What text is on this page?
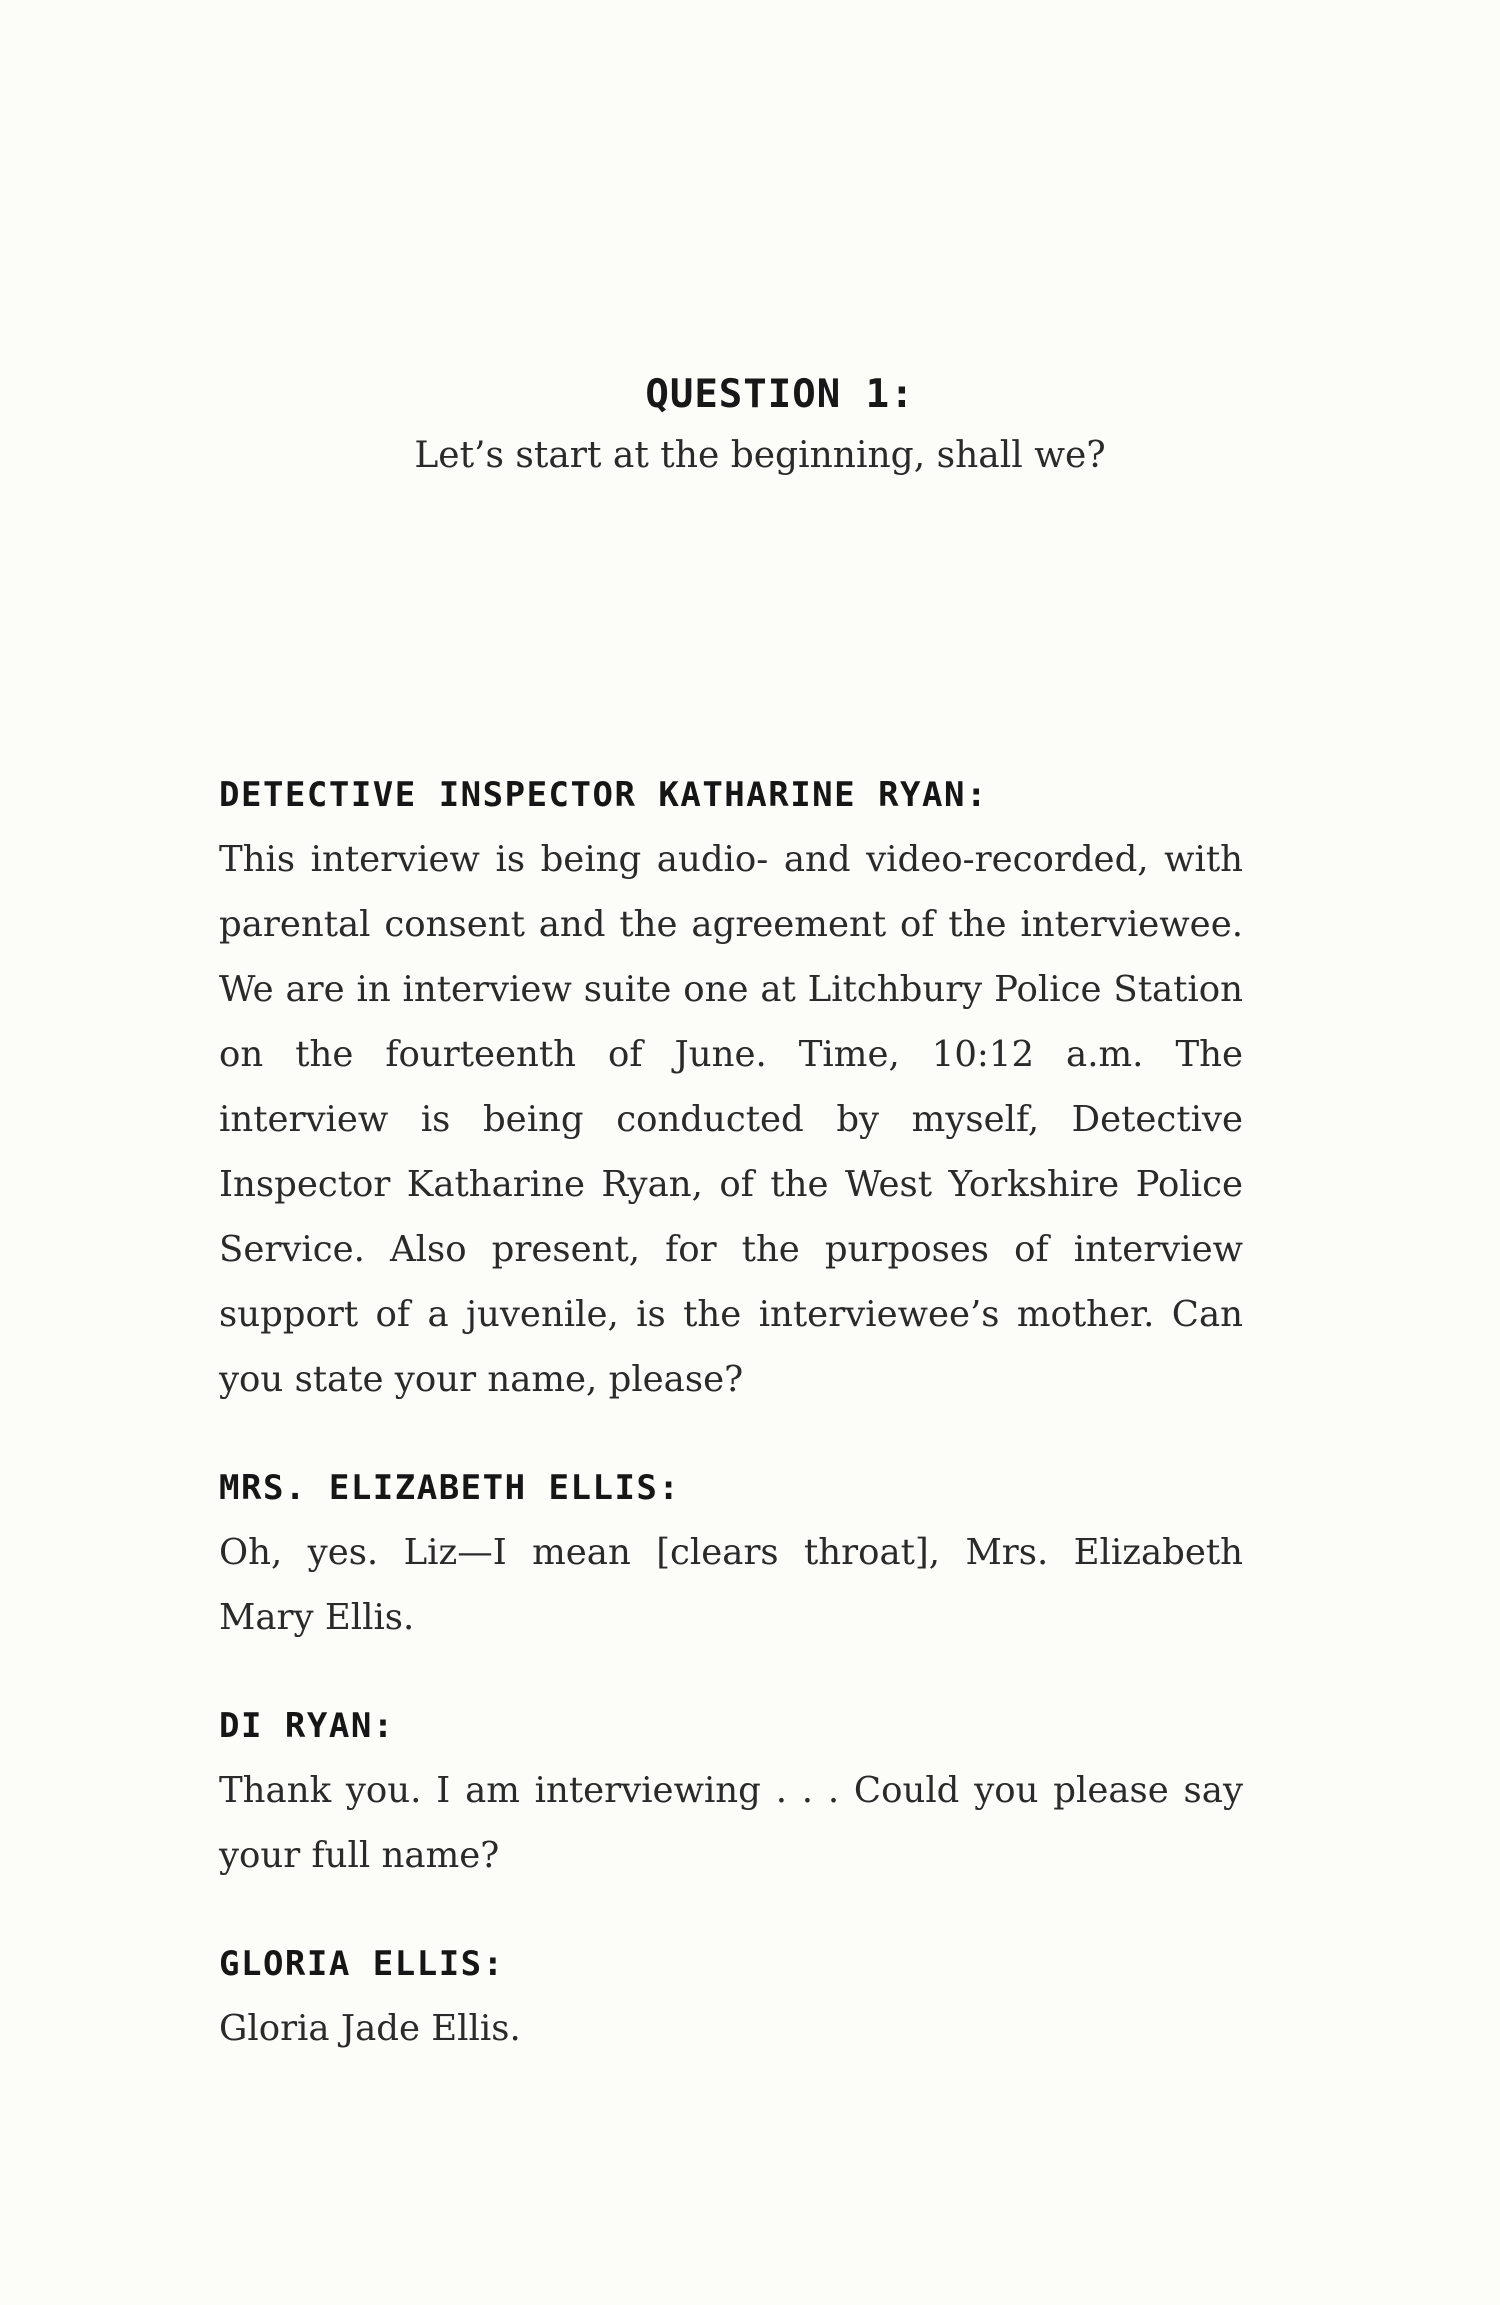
QUESTION 1:
Let’s start at the beginning, shall we?
DETECTIVE INSPECTOR KATHARINE RYAN:
This interview is being audio- and video-recorded, with parental consent and the agreement of the interviewee. We are in interview suite one at Litchbury Police Station on the fourteenth of June. Time, 10:12 a.m. The interview is being conducted by myself, Detective Inspector Katharine Ryan, of the West Yorkshire Police Service. Also present, for the purposes of interview support of a juvenile, is the interviewee’s mother. Can you state your name, please?
MRS. ELIZABETH ELLIS:
Oh, yes. Liz—I mean [clears throat], Mrs. Elizabeth Mary Ellis.
DI RYAN:
Thank you. I am interviewing . . . Could you please say your full name?
GLORIA ELLIS:
Gloria Jade Ellis.
